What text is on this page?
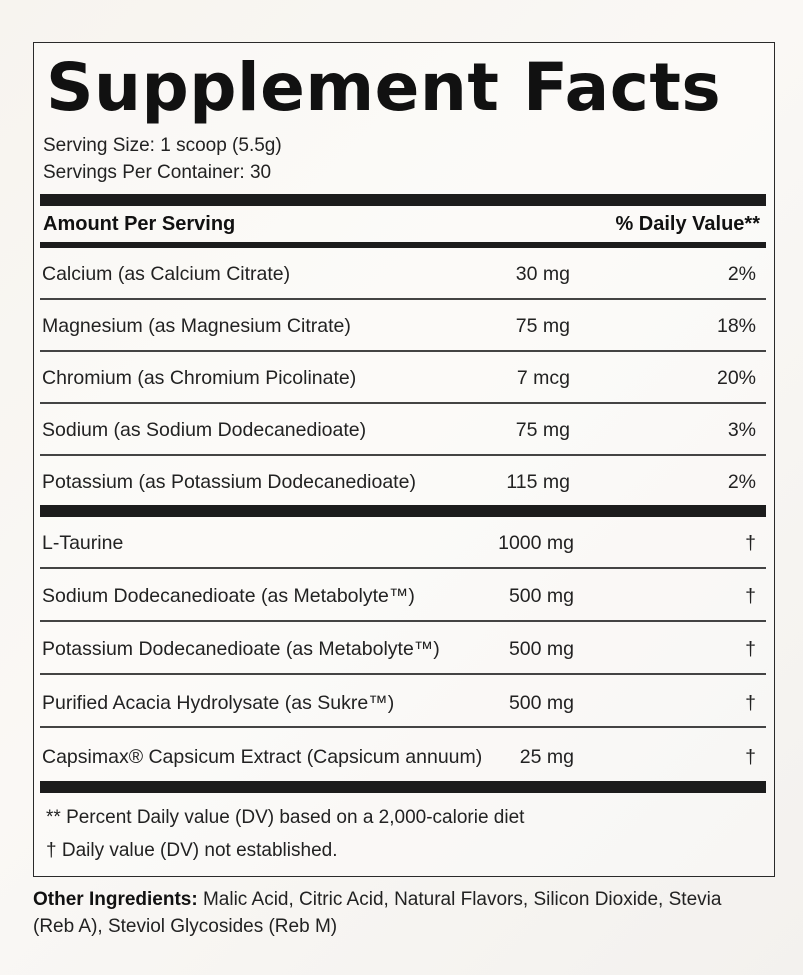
Supplement Facts
Serving Size: 1 scoop (5.5g)
Servings Per Container: 30
Amount Per Serving	% Daily Value**
Calcium (as Calcium Citrate)	30 mg	2%
Magnesium (as Magnesium Citrate)	75 mg	18%
Chromium (as Chromium Picolinate)	7 mcg	20%
Sodium (as Sodium Dodecanedioate)	75 mg	3%
Potassium (as Potassium Dodecanedioate)	115 mg	2%
L-Taurine	1000 mg	†
Sodium Dodecanedioate (as Metabolyte™)	500 mg	†
Potassium Dodecanedioate (as Metabolyte™)	500 mg	†
Purified Acacia Hydrolysate (as Sukre™)	500 mg	†
Capsimax® Capsicum Extract (Capsicum annuum) 25 mg	†
** Percent Daily value (DV) based on a 2,000-calorie diet
† Daily value (DV) not established.
Other Ingredients: Malic Acid, Citric Acid, Natural Flavors, Silicon Dioxide, Stevia (Reb A), Steviol Glycosides (Reb M)
